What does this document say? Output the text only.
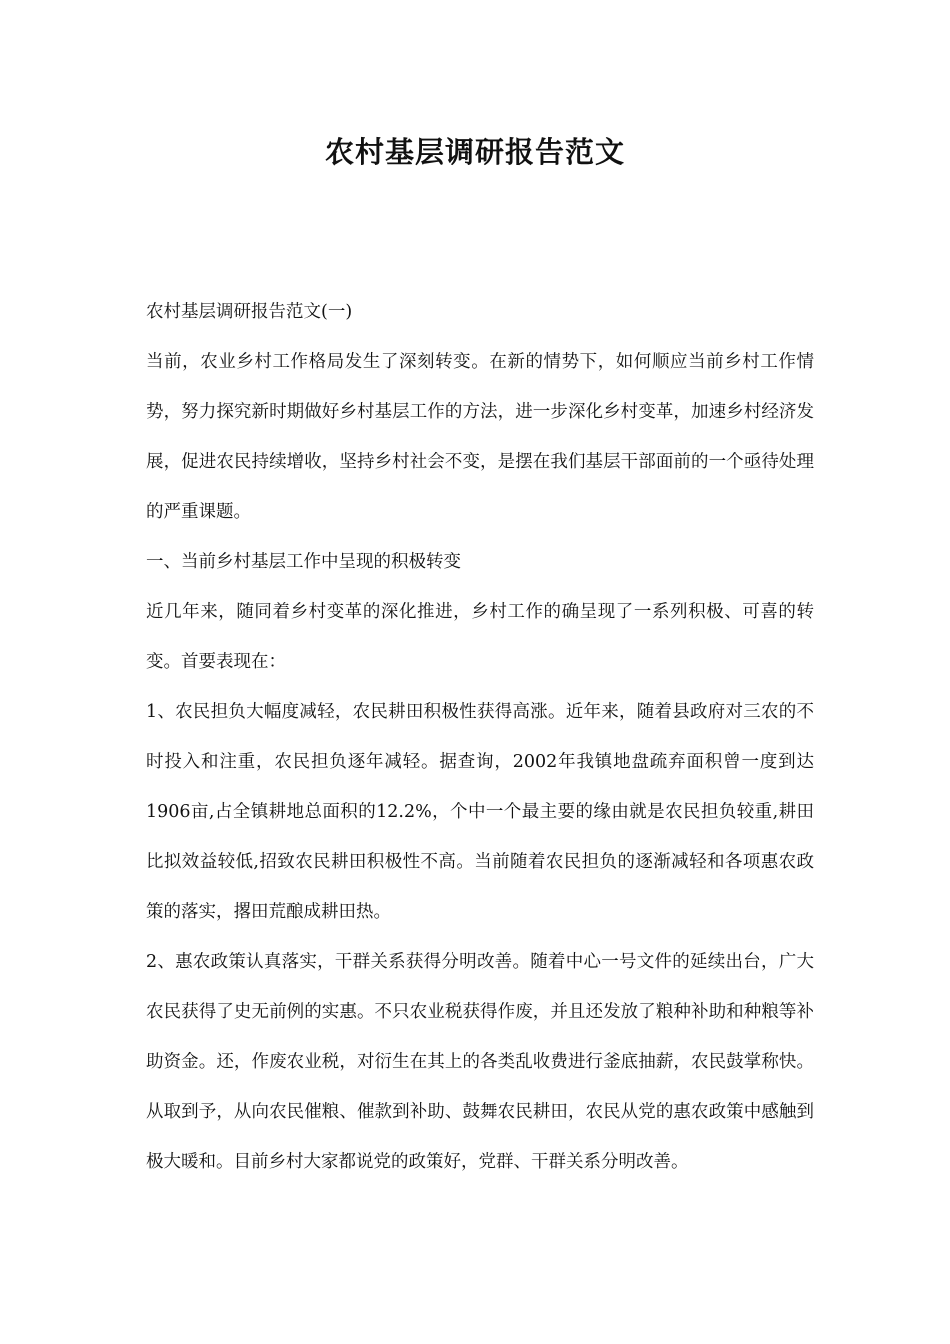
农村基层调研报告范文

农村基层调研报告范文(一)

当前，农业乡村工作格局发生了深刻转变。在新的情势下，如何顺应当前乡村工作情势，努力探究新时期做好乡村基层工作的方法，进一步深化乡村变革，加速乡村经济发展，促进农民持续增收，坚持乡村社会不变，是摆在我们基层干部面前的一个亟待处理的严重课题。

一、当前乡村基层工作中呈现的积极转变

近几年来，随同着乡村变革的深化推进，乡村工作的确呈现了一系列积极、可喜的转变。首要表现在：

1、农民担负大幅度减轻，农民耕田积极性获得高涨。近年来，随着县政府对三农的不时投入和注重，农民担负逐年减轻。据查询，2002年我镇地盘疏弃面积曾一度到达1906亩,占全镇耕地总面积的12.2%，个中一个最主要的缘由就是农民担负较重,耕田比拟效益较低,招致农民耕田积极性不高。当前随着农民担负的逐渐减轻和各项惠农政策的落实，撂田荒酿成耕田热。

2、惠农政策认真落实，干群关系获得分明改善。随着中心一号文件的延续出台，广大农民获得了史无前例的实惠。不只农业税获得作废，并且还发放了粮种补助和种粮等补助资金。还，作废农业税，对衍生在其上的各类乱收费进行釜底抽薪，农民鼓掌称快。从取到予，从向农民催粮、催款到补助、鼓舞农民耕田，农民从党的惠农政策中感触到极大暖和。目前乡村大家都说党的政策好，党群、干群关系分明改善。
